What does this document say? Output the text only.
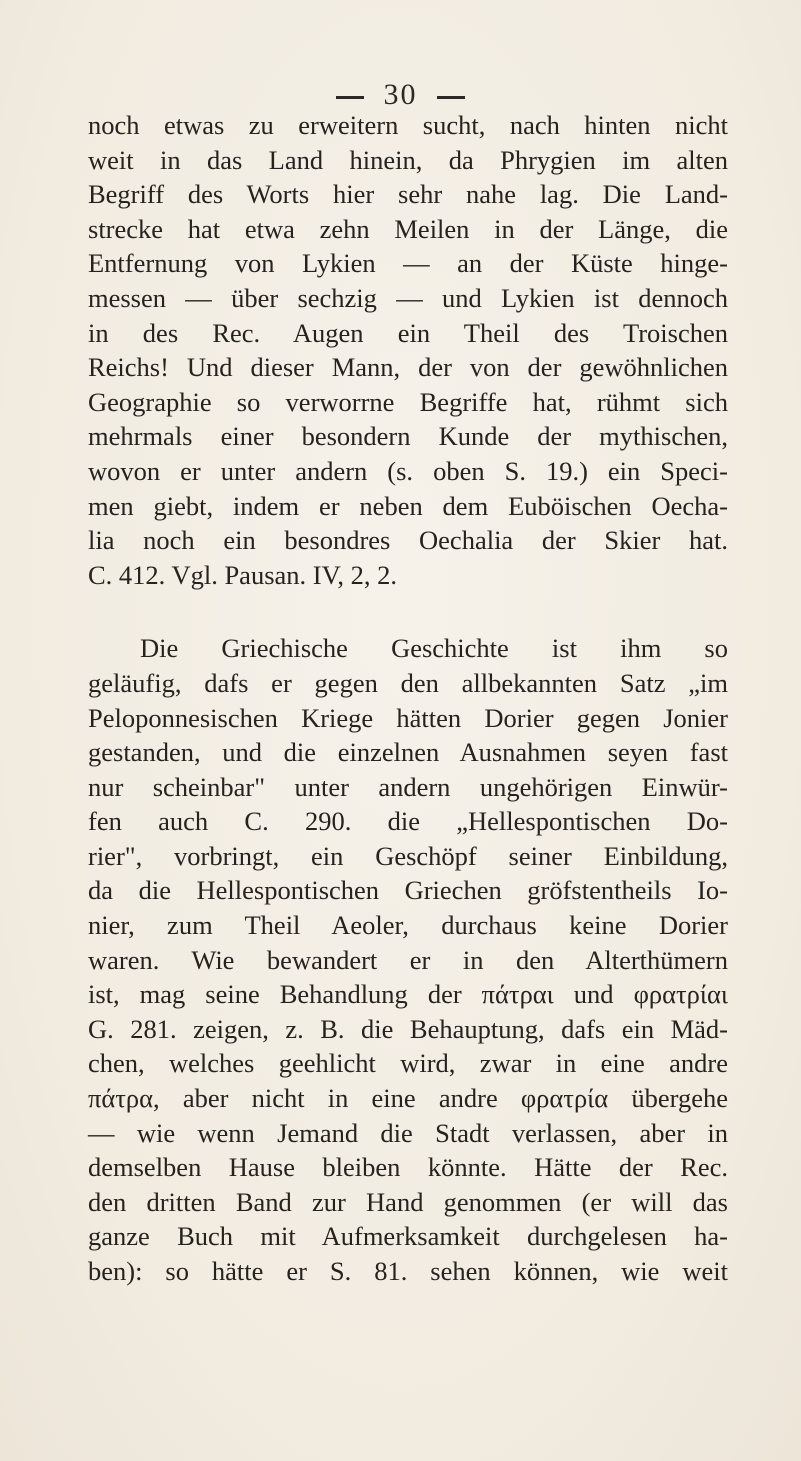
30
noch etwas zu erweitern sucht, nach hinten nicht
weit in das Land hinein, da Phrygien im alten
Begriff des Worts hier sehr nahe lag. Die Land-
strecke hat etwa zehn Meilen in der Länge, die
Entfernung von Lykien — an der Küste hinge-
messen — über sechzig — und Lykien ist dennoch
in des Rec. Augen ein Theil des Troischen
Reichs! Und dieser Mann, der von der gewöhnlichen
Geographie so verworrne Begriffe hat, rühmt sich
mehrmals einer besondern Kunde der mythischen,
wovon er unter andern (s. oben S. 19.) ein Speci-
men giebt, indem er neben dem Euböischen Oecha-
lia noch ein besondres Oechalia der Skier hat.
C. 412. Vgl. Pausan. IV, 2, 2.
Die Griechische Geschichte ist ihm so
geläufig, dafs er gegen den allbekannten Satz „im
Peloponnesischen Kriege hätten Dorier gegen Jonier
gestanden, und die einzelnen Ausnahmen seyen fast
nur scheinbar" unter andern ungehörigen Einwür-
fen auch C. 290. die „Hellespontischen Do-
rier", vorbringt, ein Geschöpf seiner Einbildung,
da die Hellespontischen Griechen gröfstentheils Io-
nier, zum Theil Aeoler, durchaus keine Dorier
waren. Wie bewandert er in den Alterthümern
ist, mag seine Behandlung der πάτραι und φρατρίαι
G. 281. zeigen, z. B. die Behauptung, dafs ein Mäd-
chen, welches geehlicht wird, zwar in eine andre
πάτρα, aber nicht in eine andre φρατρία übergehe
— wie wenn Jemand die Stadt verlassen, aber in
demselben Hause bleiben könnte. Hätte der Rec.
den dritten Band zur Hand genommen (er will das
ganze Buch mit Aufmerksamkeit durchgelesen ha-
ben): so hätte er S. 81. sehen können, wie weit
